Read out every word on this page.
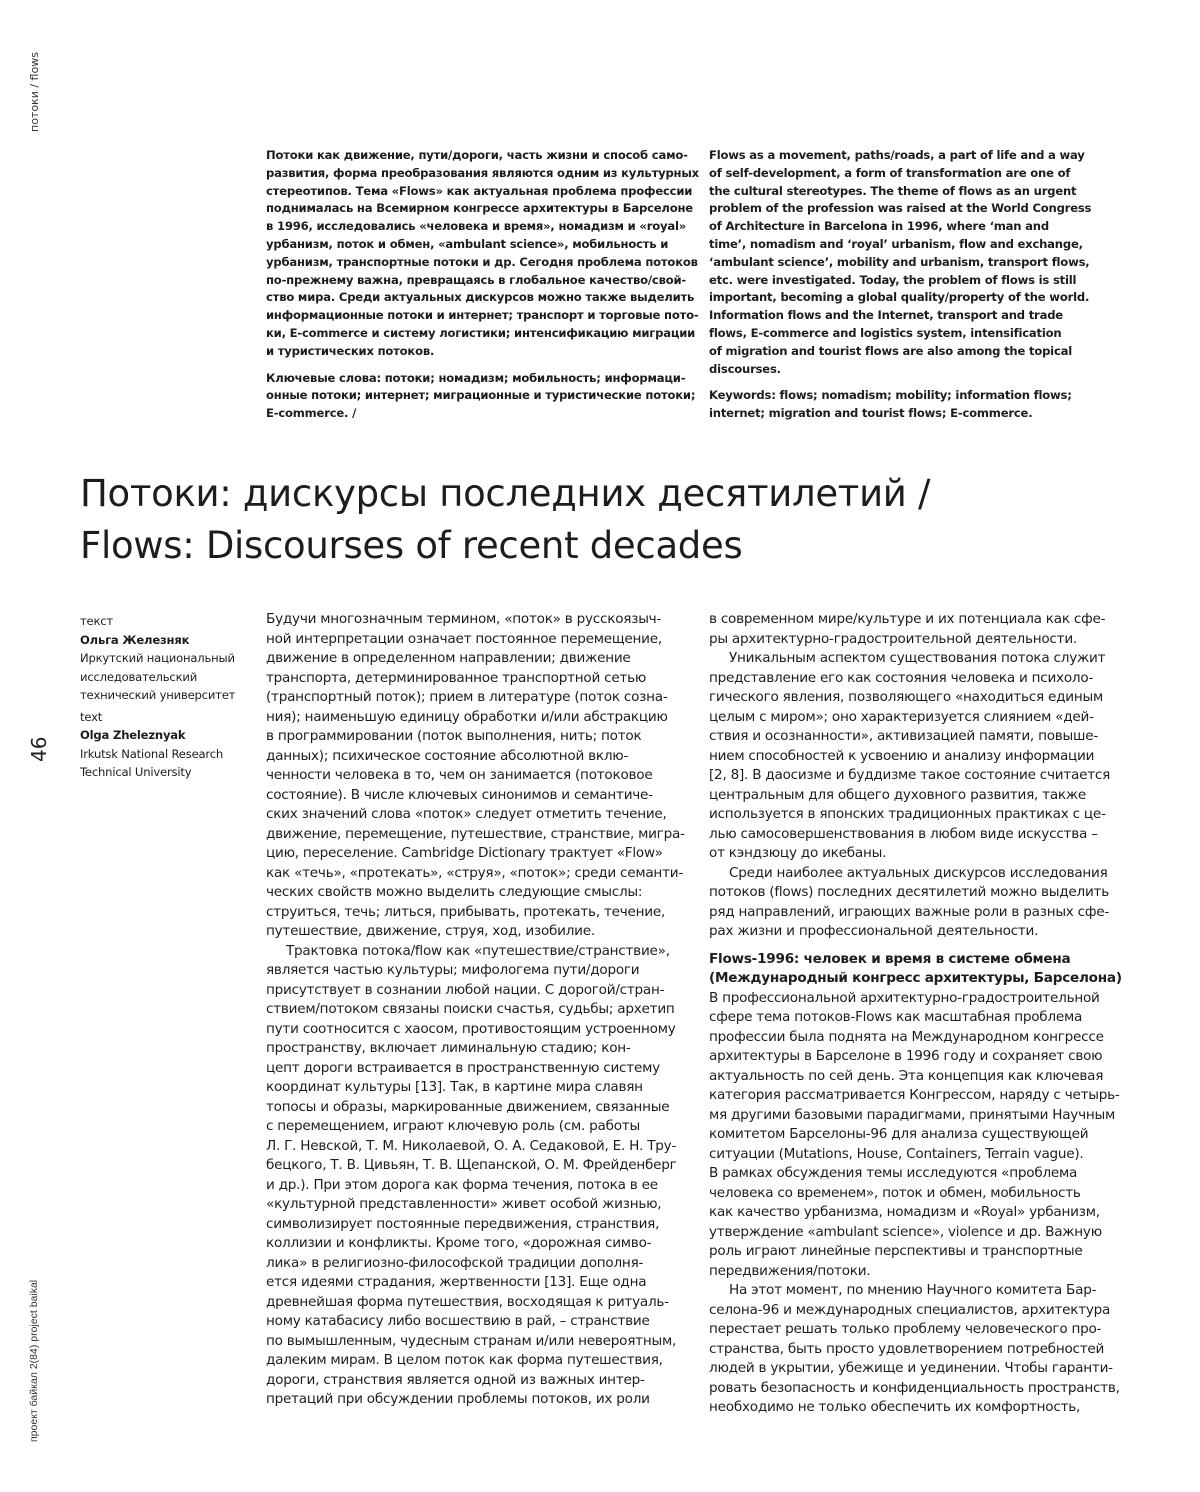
потоки / flows
46
проект байкал 2(84) project baikal
Потоки как движение, пути/дороги, часть жизни и способ само-
развития, форма преобразования являются одним из культурных
стереотипов. Тема «Flows» как актуальная проблема профессии
поднималась на Всемирном конгрессе архитектуры в Барселоне
в 1996, исследовались «человека и время», номадизм и «royal»
урбанизм, поток и обмен, «ambulant science», мобильность и
урбанизм, транспортные потоки и др. Сегодня проблема потоков
по-прежнему важна, превращаясь в глобальное качество/свой-
ство мира. Среди актуальных дискурсов можно также выделить
информационные потоки и интернет; транспорт и торговые пото-
ки, E-commerce и систему логистики; интенсификацию миграции
и туристических потоков.
Ключевые слова: потоки; номадизм; мобильность; информаци-
онные потоки; интернет; миграционные и туристические потоки;
E-commerce. /
Flows as a movement, paths/roads, a part of life and a way
of self-development, a form of transformation are one of
the cultural stereotypes. The theme of flows as an urgent
problem of the profession was raised at the World Congress
of Architecture in Barcelona in 1996, where ‘man and
time’, nomadism and ‘royal’ urbanism, flow and exchange,
‘ambulant science’, mobility and urbanism, transport flows,
etc. were investigated. Today, the problem of flows is still
important, becoming a global quality/property of the world.
Information flows and the Internet, transport and trade
flows, E-commerce and logistics system, intensification
of migration and tourist flows are also among the topical
discourses.
Keywords: flows; nomadism; mobility; information flows;
internet; migration and tourist flows; E-commerce.
Потоки: дискурсы последних десятилетий /
Flows: Discourses of recent decades
текст
Ольга Железняк
Иркутский национальный
исследовательский
технический университет
text
Olga Zheleznyak
Irkutsk National Research
Technical University
Будучи многозначным термином, «поток» в русскоязыч-
ной интерпретации означает постоянное перемещение,
движение в определенном направлении; движение
транспорта, детерминированное транспортной сетью
(транспортный поток); прием в литературе (поток созна-
ния); наименьшую единицу обработки и/или абстракцию
в программировании (поток выполнения, нить; поток
данных); психическое состояние абсолютной вклю-
ченности человека в то, чем он занимается (потоковое
состояние). В числе ключевых синонимов и семантиче-
ских значений слова «поток» следует отметить течение,
движение, перемещение, путешествие, странствие, мигра-
цию, переселение. Cambridge Dictionary трактует «Flow»
как «течь», «протекать», «струя», «поток»; среди семанти-
ческих свойств можно выделить следующие смыслы:
струиться, течь; литься, прибывать, протекать, течение,
путешествие, движение, струя, ход, изобилие.
Трактовка потока/flow как «путешествие/странствие»,
является частью культуры; мифологема пути/дороги
присутствует в сознании любой нации. С дорогой/стран-
ствием/потоком связаны поиски счастья, судьбы; архетип
пути соотносится с хаосом, противостоящим устроенному
пространству, включает лиминальную стадию; кон-
цепт дороги встраивается в пространственную систему
координат культуры [13]. Так, в картине мира славян
топосы и образы, маркированные движением, связанные
с перемещением, играют ключевую роль (см. работы
Л. Г. Невской, Т. М. Николаевой, О. А. Седаковой, Е. Н. Тру-
бецкого, Т. В. Цивьян, Т. В. Щепанской, О. М. Фрейденберг
и др.). При этом дорога как форма течения, потока в ее
«культурной представленности» живет особой жизнью,
символизирует постоянные передвижения, странствия,
коллизии и конфликты. Кроме того, «дорожная симво-
лика» в религиозно-философской традиции дополня-
ется идеями страдания, жертвенности [13]. Еще одна
древнейшая форма путешествия, восходящая к ритуаль-
ному катабасису либо восшествию в рай, – странствие
по вымышленным, чудесным странам и/или невероятным,
далеким мирам. В целом поток как форма путешествия,
дороги, странствия является одной из важных интер-
претаций при обсуждении проблемы потоков, их роли
в современном мире/культуре и их потенциала как сфе-
ры архитектурно-градостроительной деятельности.
Уникальным аспектом существования потока служит
представление его как состояния человека и психоло-
гического явления, позволяющего «находиться единым
целым с миром»; оно характеризуется слиянием «дей-
ствия и осознанности», активизацией памяти, повыше-
нием способностей к усвоению и анализу информации
[2, 8]. В даосизме и буддизме такое состояние считается
центральным для общего духовного развития, также
используется в японских традиционных практиках с це-
лью самосовершенствования в любом виде искусства –
от кэндзюцу до икебаны.
Среди наиболее актуальных дискурсов исследования
потоков (flows) последних десятилетий можно выделить
ряд направлений, играющих важные роли в разных сфе-
рах жизни и профессиональной деятельности.
Flows-1996: человек и время в системе обмена
(Международный конгресс архитектуры, Барселона)
В профессиональной архитектурно-градостроительной
сфере тема потоков-Flows как масштабная проблема
профессии была поднята на Международном конгрессе
архитектуры в Барселоне в 1996 году и сохраняет свою
актуальность по сей день. Эта концепция как ключевая
категория рассматривается Конгрессом, наряду с четырь-
мя другими базовыми парадигмами, принятыми Научным
комитетом Барселоны-96 для анализа существующей
ситуации (Mutations, House, Containers, Terrain vague).
В рамках обсуждения темы исследуются «проблема
человека со временем», поток и обмен, мобильность
как качество урбанизма, номадизм и «Royal» урбанизм,
утверждение «ambulant science», violence и др. Важную
роль играют линейные перспективы и транспортные
передвижения/потоки.
На этот момент, по мнению Научного комитета Бар-
селона-96 и международных специалистов, архитектура
перестает решать только проблему человеческого про-
странства, быть просто удовлетворением потребностей
людей в укрытии, убежище и уединении. Чтобы гаранти-
ровать безопасность и конфиденциальность пространств,
необходимо не только обеспечить их комфортность,
